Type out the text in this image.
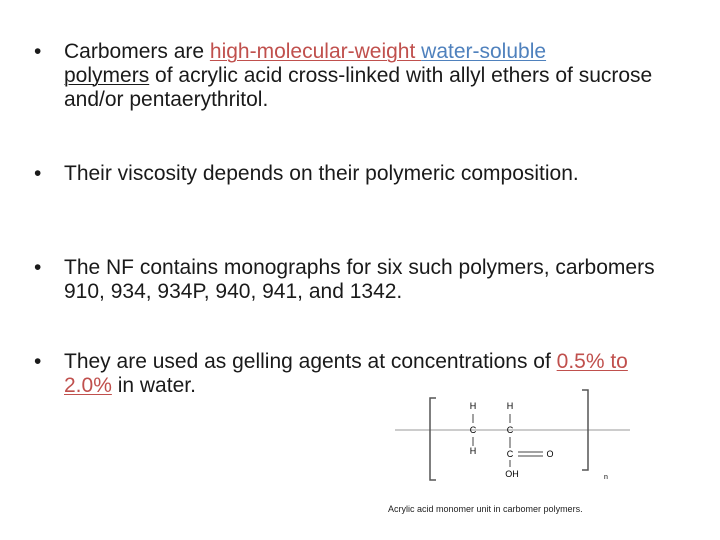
• Carbomers are high-molecular-weight water-soluble
polymers of acrylic acid cross-linked with allyl ethers of sucrose and/or pentaerythritol.
• Their viscosity depends on their polymeric composition.
• The NF contains monographs for six such polymers, carbomers 910, 934, 934P, 940, 941, and 1342.
• They are used as gelling agents at concentrations of 0.5% to 2.0% in water.
H	H
C	C
H	C	O
OH	n
Acrylic acid monomer unit in carbomer polymers.
